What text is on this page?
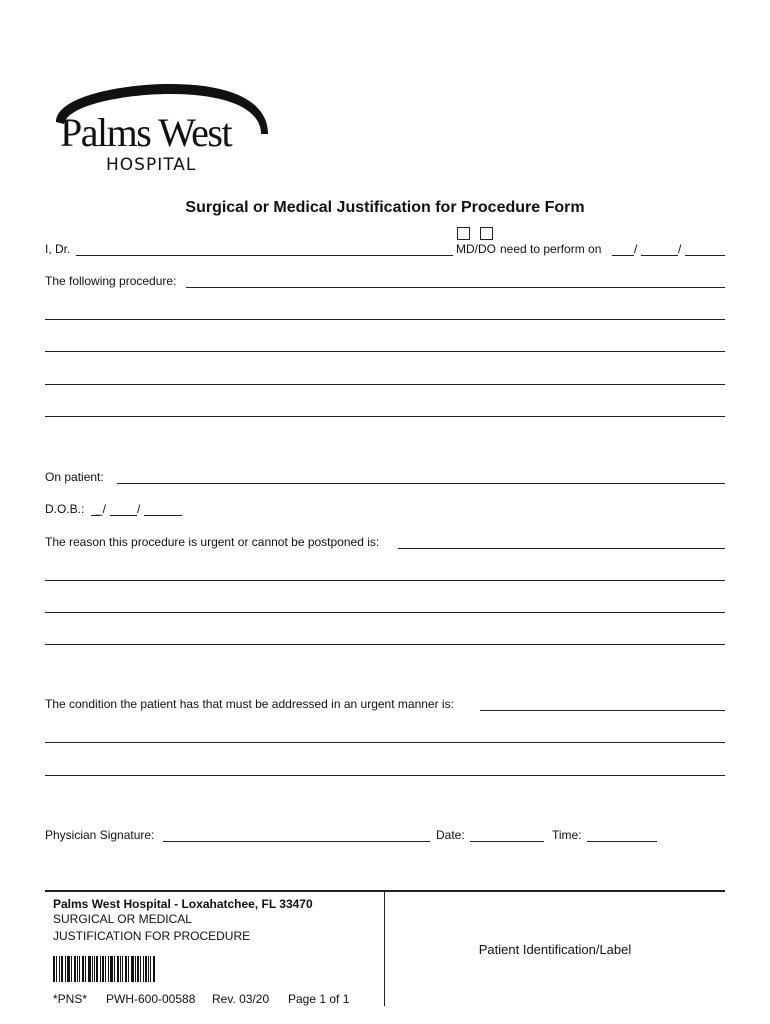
Palms West
HOSPITAL
Surgical or Medical Justification for Procedure Form
I, Dr.	MD/DO need to perform on	/	/
The following procedure:
On patient:
D.O.B.: _/	/
The reason this procedure is urgent or cannot be postponed is:
The condition the patient has that must be addressed in an urgent manner is:
Physician Signature:	Date:	Time:
Palms West Hospital - Loxahatchee, FL 33470
SURGICAL OR MEDICAL
JUSTIFICATION FOR PROCEDURE
*PNS* PWH-600-00588 Rev. 03/20 Page 1 of 1
Patient Identification/Label
